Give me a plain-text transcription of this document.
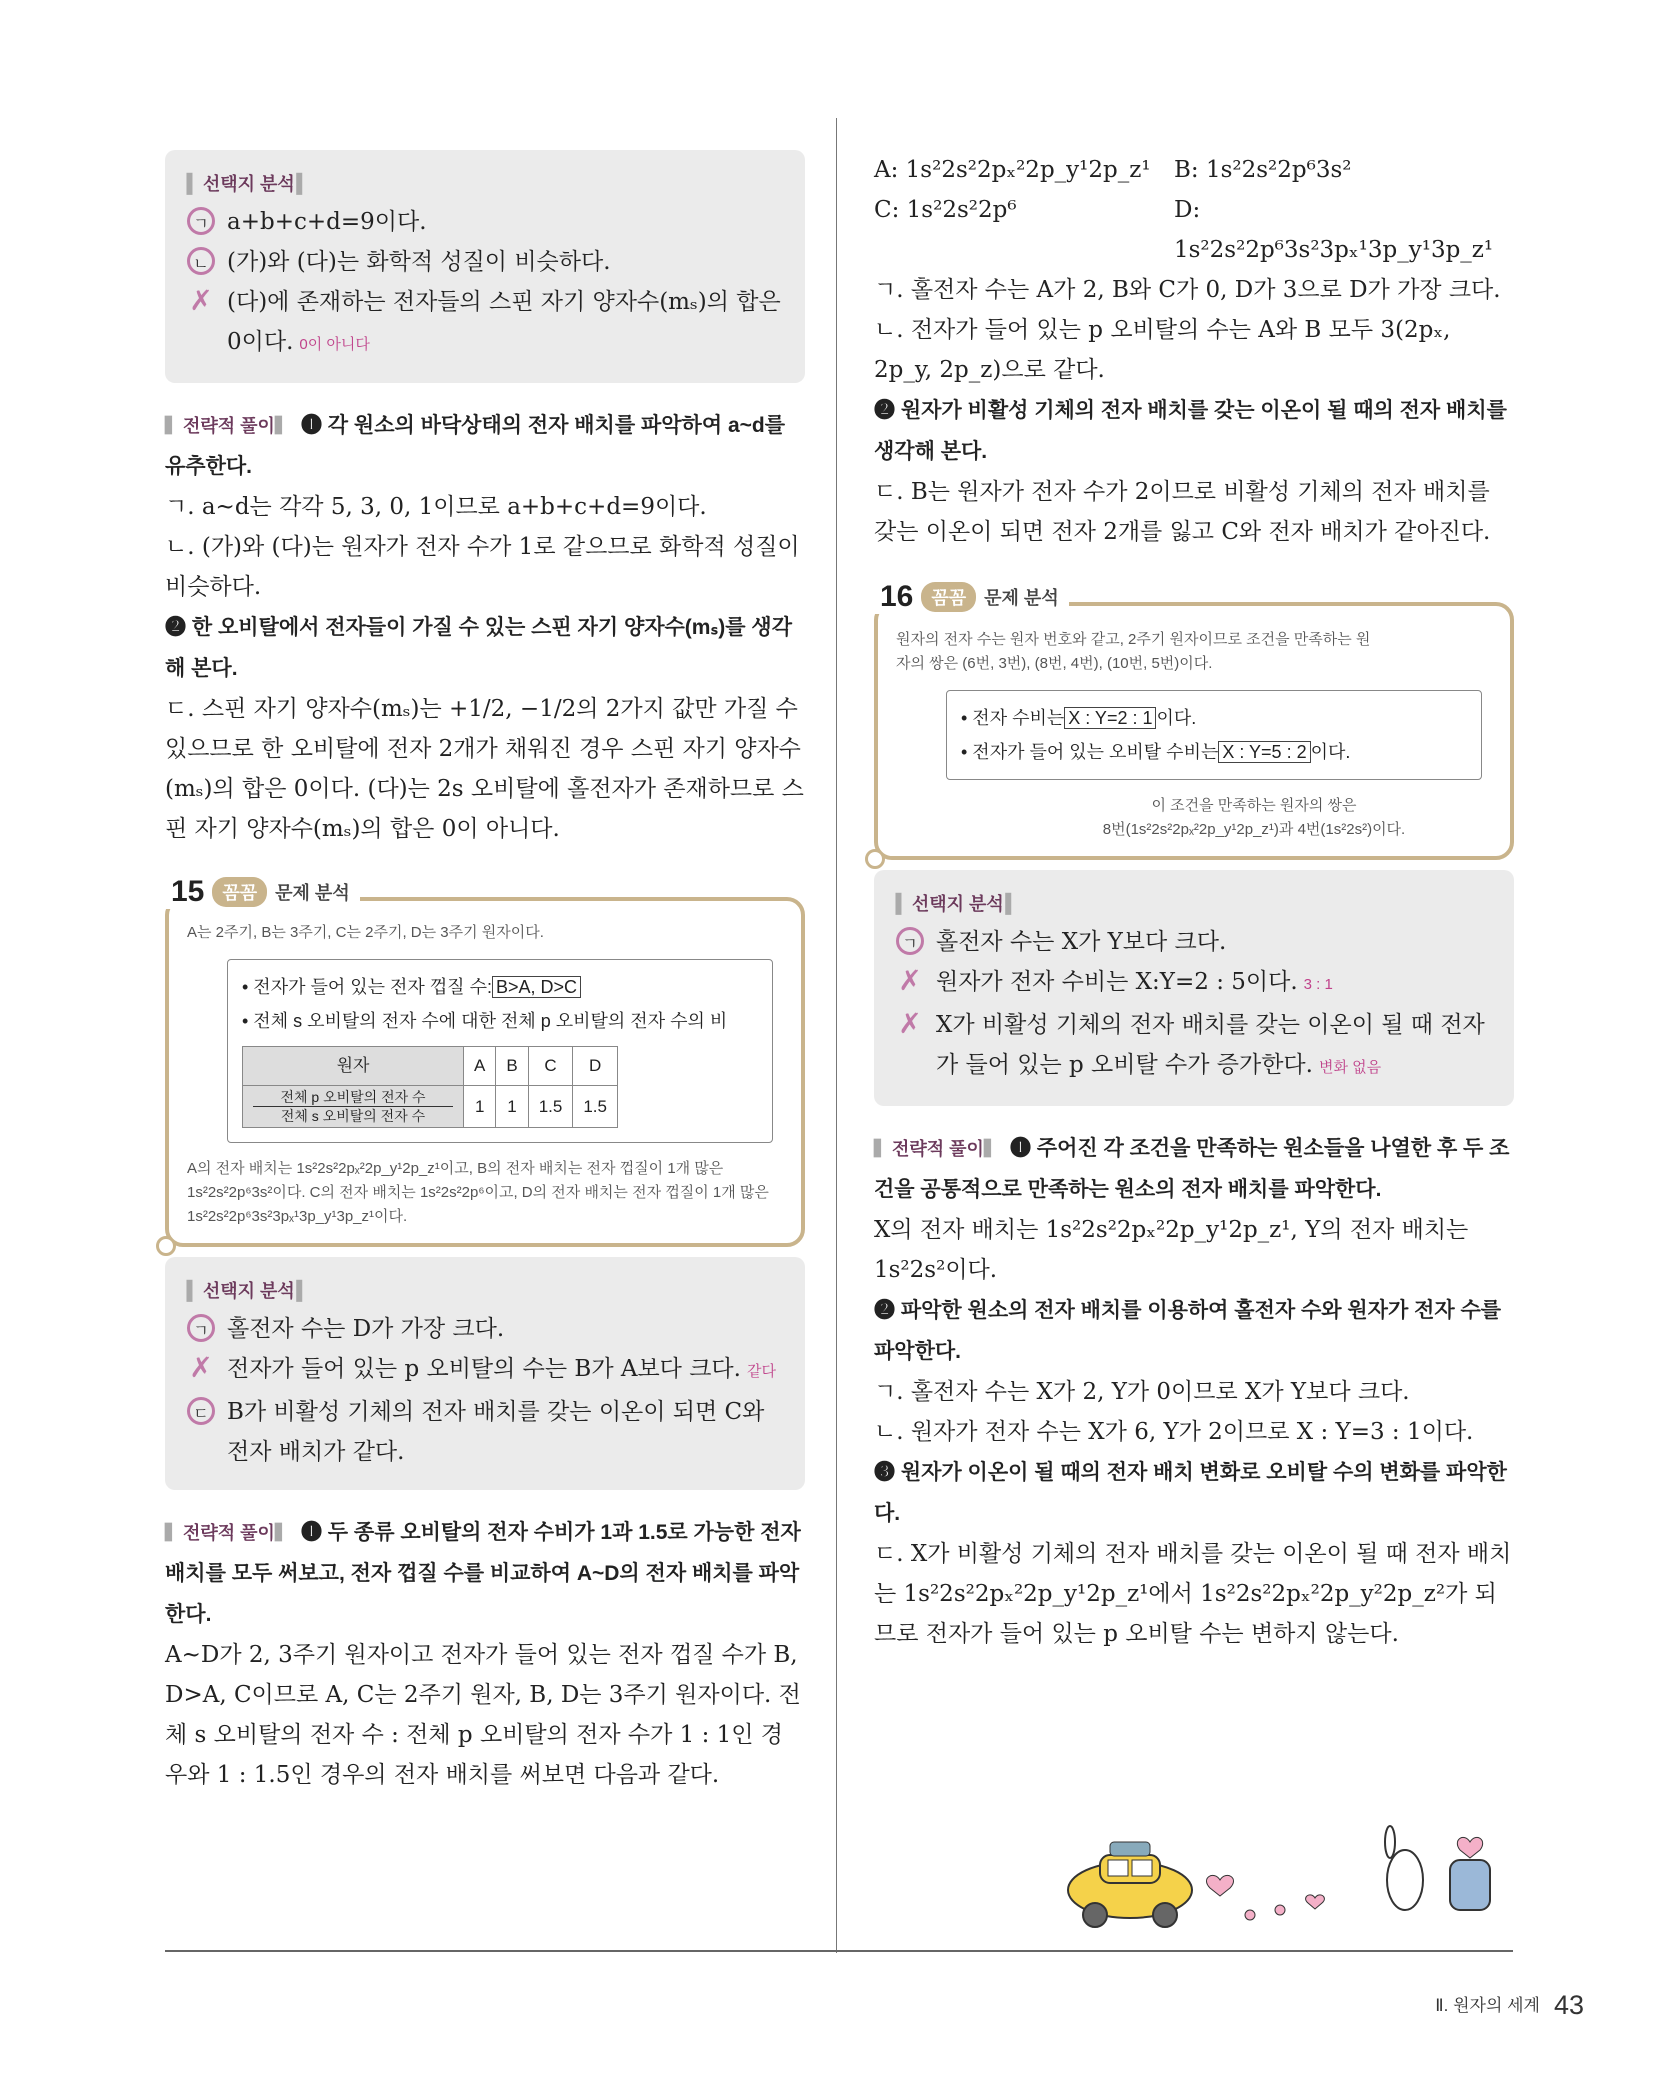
▍ 선택지 분석 ▍
ㄱ a+b+c+d=9이다.
ㄴ (가)와 (다)는 화학적 성질이 비슷하다.
✗ (다)에 존재하는 전자들의 스핀 자기 양자수(mₛ)의 합은 0이다. 0이 아니다
▍ 전략적 풀이 ▍ ❶ 각 원소의 바닥상태의 전자 배치를 파악하여 a~d를 유추한다.
ㄱ. a~d는 각각 5, 3, 0, 1이므로 a+b+c+d=9이다.
ㄴ. (가)와 (다)는 원자가 전자 수가 1로 같으므로 화학적 성질이 비슷하다.
❷ 한 오비탈에서 전자들이 가질 수 있는 스핀 자기 양자수(mₛ)를 생각해 본다.
ㄷ. 스핀 자기 양자수(mₛ)는 +1/2, −1/2의 2가지 값만 가질 수 있으므로 한 오비탈에 전자 2개가 채워진 경우 스핀 자기 양자수(mₛ)의 합은 0이다. (다)는 2s 오비탈에 홀전자가 존재하므로 스핀 자기 양자수(mₛ)의 합은 0이 아니다.
15	꼼꼼	문제 분석
A는 2주기, B는 3주기, C는 2주기, D는 3주기 원자이다.
• 전자가 들어 있는 전자 껍질 수: B>A, D>C
• 전체 s 오비탈의 전자 수에 대한 전체 p 오비탈의 전자 수의 비
원자	A	B	C	D

전체 p 오비탈의 전자 수
전체 s 오비탈의 전자 수	1	1	1.5	1.5
A의 전자 배치는 1s²2s²2pₓ²2p_y¹2p_z¹이고, B의 전자 배치는 전자 껍질이 1개 많은 1s²2s²2p⁶3s²이다. C의 전자 배치는 1s²2s²2p⁶이고, D의 전자 배치는 전자 껍질이 1개 많은 1s²2s²2p⁶3s²3pₓ¹3p_y¹3p_z¹이다.
▍ 선택지 분석 ▍
ㄱ 홀전자 수는 D가 가장 크다.
✗ 전자가 들어 있는 p 오비탈의 수는 B가 A보다 크다. 같다
ㄷ B가 비활성 기체의 전자 배치를 갖는 이온이 되면 C와 전자 배치가 같다.
▍ 전략적 풀이 ▍ ❶ 두 종류 오비탈의 전자 수비가 1과 1.5로 가능한 전자 배치를 모두 써보고, 전자 껍질 수를 비교하여 A~D의 전자 배치를 파악한다.
A~D가 2, 3주기 원자이고 전자가 들어 있는 전자 껍질 수가 B, D>A, C이므로 A, C는 2주기 원자, B, D는 3주기 원자이다. 전체 s 오비탈의 전자 수 : 전체 p 오비탈의 전자 수가 1 : 1인 경우와 1 : 1.5인 경우의 전자 배치를 써보면 다음과 같다.
A: 1s²2s²2pₓ²2p_y¹2p_z¹	B: 1s²2s²2p⁶3s²
C: 1s²2s²2p⁶	D: 1s²2s²2p⁶3s²3pₓ¹3p_y¹3p_z¹
ㄱ. 홀전자 수는 A가 2, B와 C가 0, D가 3으로 D가 가장 크다.
ㄴ. 전자가 들어 있는 p 오비탈의 수는 A와 B 모두 3(2pₓ, 2p_y, 2p_z)으로 같다.
❷ 원자가 비활성 기체의 전자 배치를 갖는 이온이 될 때의 전자 배치를 생각해 본다.
ㄷ. B는 원자가 전자 수가 2이므로 비활성 기체의 전자 배치를 갖는 이온이 되면 전자 2개를 잃고 C와 전자 배치가 같아진다.
16	꼼꼼	문제 분석
원자의 전자 수는 원자 번호와 같고, 2주기 원자이므로 조건을 만족하는 원자의 쌍은 (6번, 3번), (8번, 4번), (10번, 5번)이다.
• 전자 수비는 X : Y=2 : 1 이다.
• 전자가 들어 있는 오비탈 수비는 X : Y=5 : 2 이다.
이 조건을 만족하는 원자의 쌍은
8번(1s²2s²2pₓ²2p_y¹2p_z¹)과 4번(1s²2s²)이다.
▍ 선택지 분석 ▍
ㄱ 홀전자 수는 X가 Y보다 크다.
✗ 원자가 전자 수비는 X:Y=2 : 5이다. 3 : 1
✗ X가 비활성 기체의 전자 배치를 갖는 이온이 될 때 전자가 들어 있는 p 오비탈 수가 증가한다. 변화 없음
▍ 전략적 풀이 ▍ ❶ 주어진 각 조건을 만족하는 원소들을 나열한 후 두 조건을 공통적으로 만족하는 원소의 전자 배치를 파악한다.
X의 전자 배치는 1s²2s²2pₓ²2p_y¹2p_z¹, Y의 전자 배치는 1s²2s²이다.
❷ 파악한 원소의 전자 배치를 이용하여 홀전자 수와 원자가 전자 수를 파악한다.
ㄱ. 홀전자 수는 X가 2, Y가 0이므로 X가 Y보다 크다.
ㄴ. 원자가 전자 수는 X가 6, Y가 2이므로 X : Y=3 : 1이다.
❸ 원자가 이온이 될 때의 전자 배치 변화로 오비탈 수의 변화를 파악한다.
ㄷ. X가 비활성 기체의 전자 배치를 갖는 이온이 될 때 전자 배치는 1s²2s²2pₓ²2p_y¹2p_z¹에서 1s²2s²2pₓ²2p_y²2p_z²가 되므로 전자가 들어 있는 p 오비탈 수는 변하지 않는다.
Ⅱ. 원자의 세계 43
